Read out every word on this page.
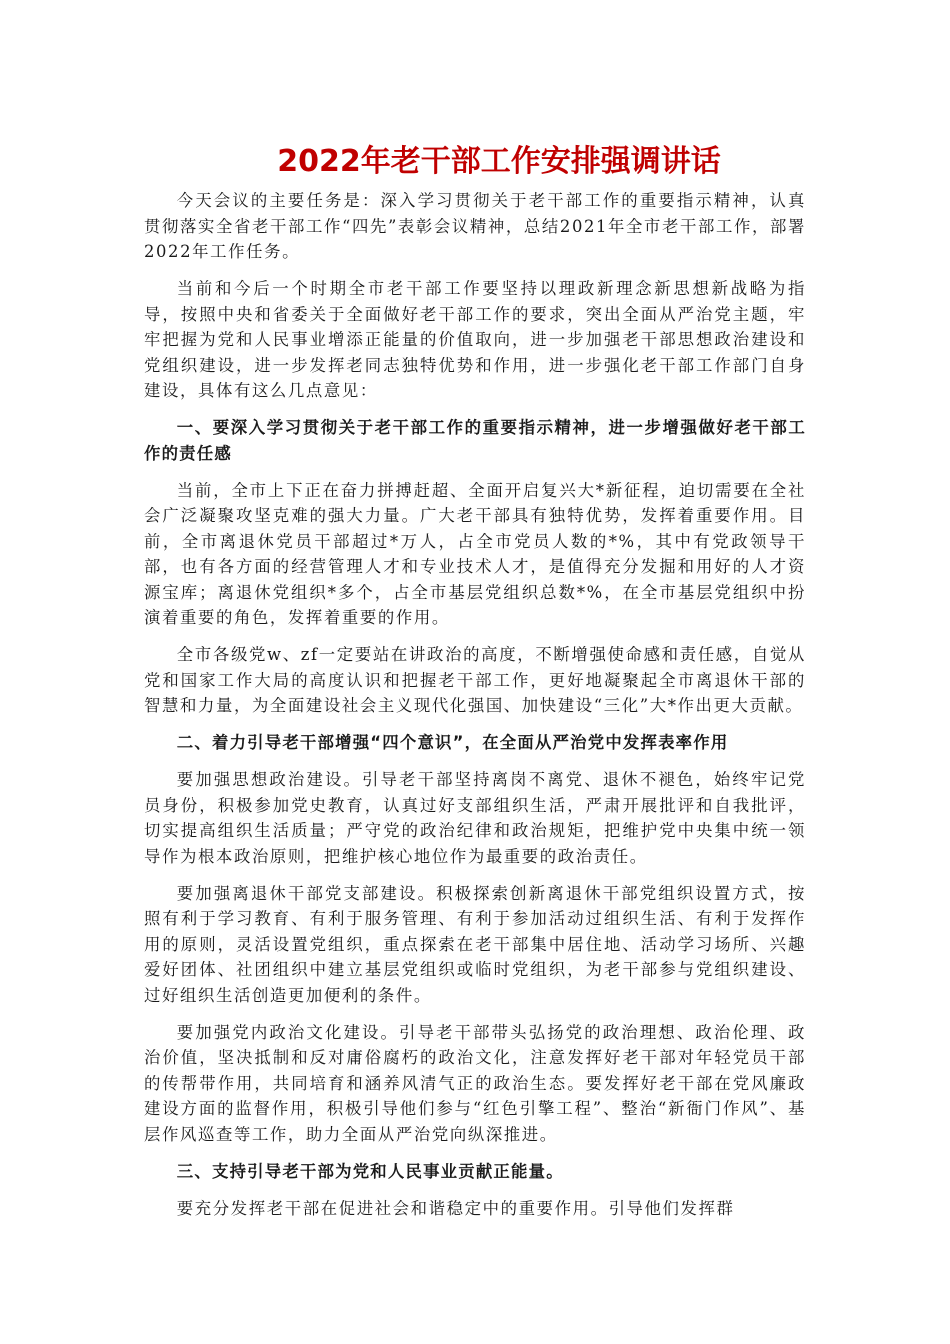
2022年老干部工作安排强调讲话

今天会议的主要任务是：深入学习贯彻关于老干部工作的重要指示精神，认真贯彻落实全省老干部工作“四先”表彰会议精神，总结2021年全市老干部工作，部署2022年工作任务。

当前和今后一个时期全市老干部工作要坚持以理政新理念新思想新战略为指导，按照中央和省委关于全面做好老干部工作的要求，突出全面从严治党主题，牢牢把握为党和人民事业增添正能量的价值取向，进一步加强老干部思想政治建设和党组织建设，进一步发挥老同志独特优势和作用，进一步强化老干部工作部门自身建设，具体有这么几点意见：

一、要深入学习贯彻关于老干部工作的重要指示精神，进一步增强做好老干部工作的责任感

当前，全市上下正在奋力拼搏赶超、全面开启复兴大*新征程，迫切需要在全社会广泛凝聚攻坚克难的强大力量。广大老干部具有独特优势，发挥着重要作用。目前，全市离退休党员干部超过*万人，占全市党员人数的*%，其中有党政领导干部，也有各方面的经营管理人才和专业技术人才，是值得充分发掘和用好的人才资源宝库；离退休党组织*多个，占全市基层党组织总数*%，在全市基层党组织中扮演着重要的角色，发挥着重要的作用。

全市各级党w、zf一定要站在讲政治的高度，不断增强使命感和责任感，自觉从党和国家工作大局的高度认识和把握老干部工作，更好地凝聚起全市离退休干部的智慧和力量，为全面建设社会主义现代化强国、加快建设“三化”大*作出更大贡献。

二、着力引导老干部增强“四个意识”，在全面从严治党中发挥表率作用

要加强思想政治建设。引导老干部坚持离岗不离党、退休不褪色，始终牢记党员身份，积极参加党史教育，认真过好支部组织生活，严肃开展批评和自我批评，切实提高组织生活质量；严守党的政治纪律和政治规矩，把维护党中央集中统一领导作为根本政治原则，把维护核心地位作为最重要的政治责任。

要加强离退休干部党支部建设。积极探索创新离退休干部党组织设置方式，按照有利于学习教育、有利于服务管理、有利于参加活动过组织生活、有利于发挥作用的原则，灵活设置党组织，重点探索在老干部集中居住地、活动学习场所、兴趣爱好团体、社团组织中建立基层党组织或临时党组织，为老干部参与党组织建设、过好组织生活创造更加便利的条件。

要加强党内政治文化建设。引导老干部带头弘扬党的政治理想、政治伦理、政治价值，坚决抵制和反对庸俗腐朽的政治文化，注意发挥好老干部对年轻党员干部的传帮带作用，共同培育和涵养风清气正的政治生态。要发挥好老干部在党风廉政建设方面的监督作用，积极引导他们参与“红色引擎工程”、整治“新衙门作风”、基层作风巡查等工作，助力全面从严治党向纵深推进。

三、支持引导老干部为党和人民事业贡献正能量。

要充分发挥老干部在促进社会和谐稳定中的重要作用。引导他们发挥群
